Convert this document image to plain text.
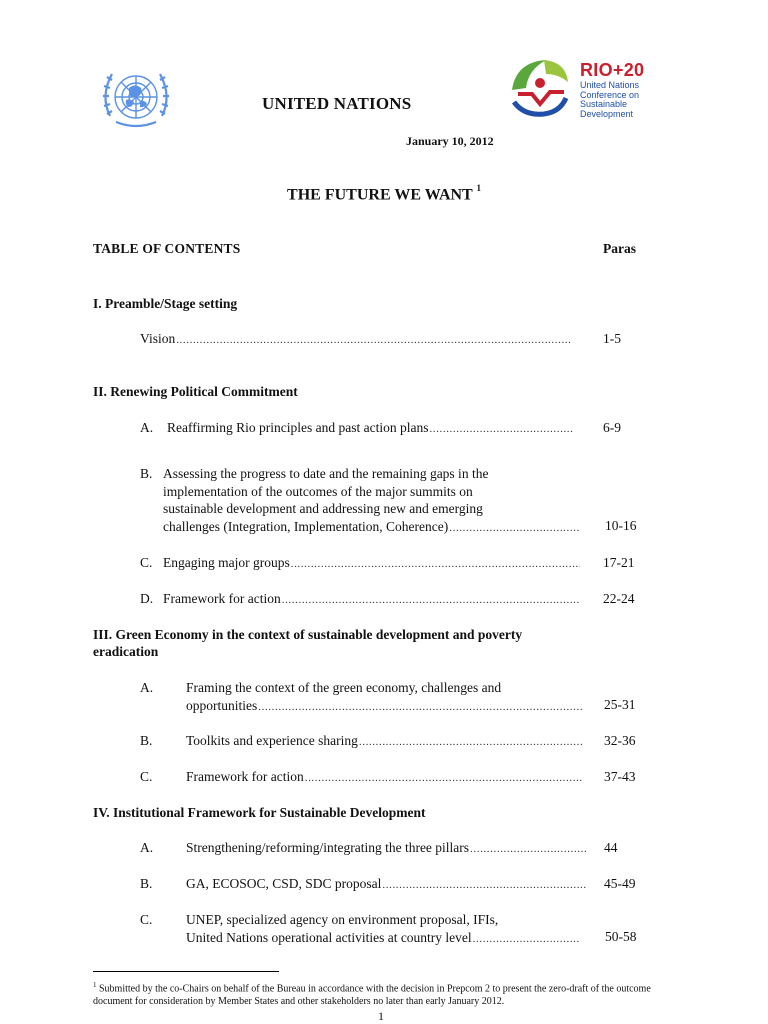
RIO+20
United Nations
Conference on
Sustainable
Development
UNITED NATIONS
January 10, 2012
THE FUTURE WE WANT $^1$
TABLE OF CONTENTS	Paras
I. Preamble/Stage setting
Vision .....	1-5
II. Renewing Political Commitment
A. Reaffirming Rio principles and past action plans .....	6-9
B. Assessing the progress to date and the remaining gaps in the
implementation of the outcomes of the major summits on
sustainable development and addressing new and emerging
challenges (Integration, Implementation, Coherence) .....	10-16
C. Engaging major groups .....	17-21
D. Framework for action .....	22-24
III. Green Economy in the context of sustainable development and poverty eradication
A. Framing the context of the green economy, challenges and
opportunities .....	25-31
B. Toolkits and experience sharing .....	32-36
C. Framework for action .....	37-43
IV. Institutional Framework for Sustainable Development
A. Strengthening/reforming/integrating the three pillars .....	44
B. GA, ECOSOC, CSD, SDC proposal .....	45-49
C. UNEP, specialized agency on environment proposal, IFIs,
United Nations operational activities at country level .....	50-58
$^1$ Submitted by the co-Chairs on behalf of the Bureau in accordance with the decision in Prepcom 2 to present the zero-draft of the outcome document for consideration by Member States and other stakeholders no later than early January 2012.
1
